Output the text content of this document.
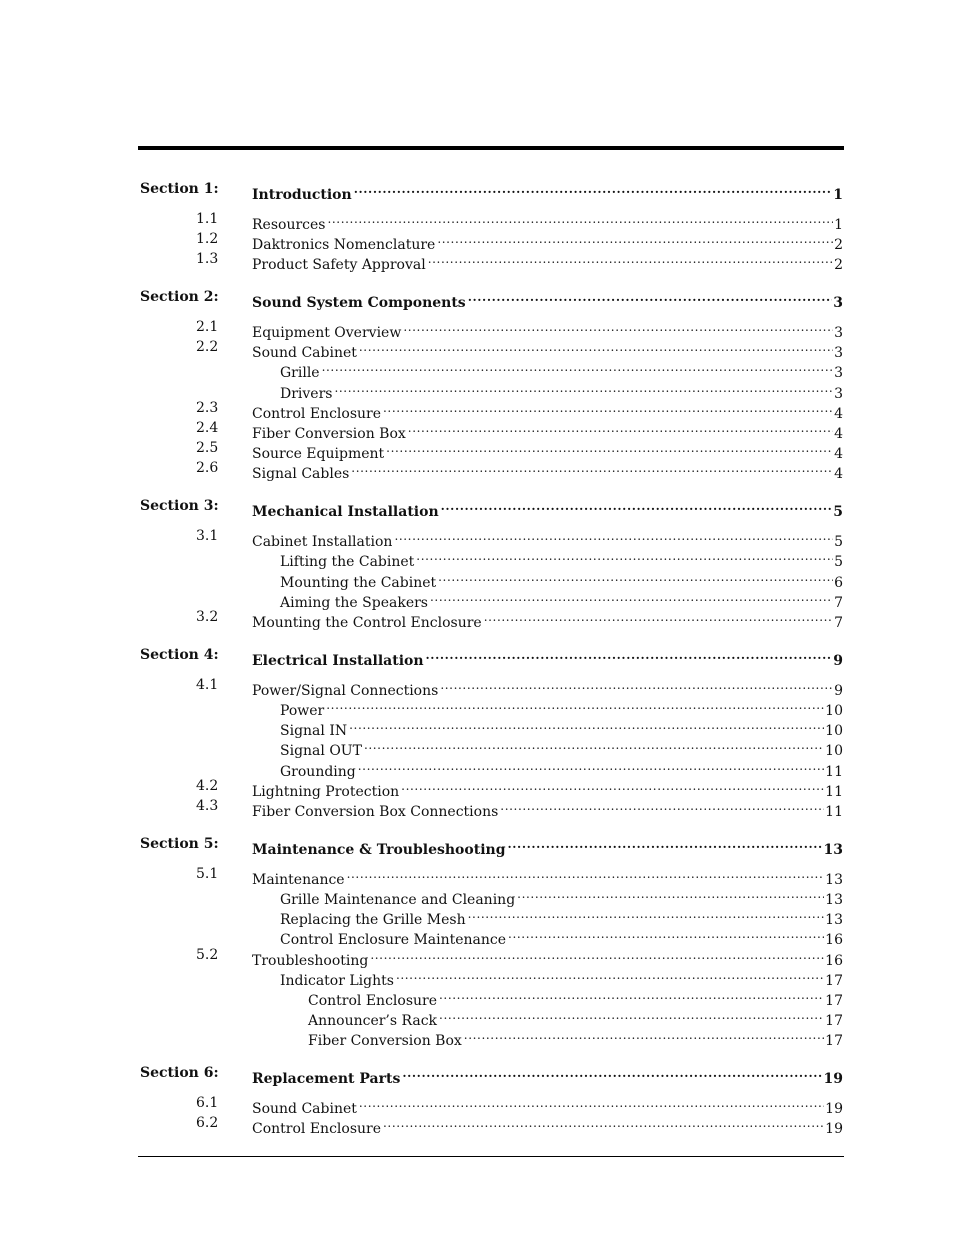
Section 1: Introduction .....	1
1.1 Resources .....	1
1.2 Daktronics Nomenclature .....	2
1.3 Product Safety Approval .....	2
Section 2: Sound System Components .....	3
2.1 Equipment Overview .....	3
2.2 Sound Cabinet .....	3
Grille .....	3
Drivers .....	3
2.3 Control Enclosure .....	4
2.4 Fiber Conversion Box .....	4
2.5 Source Equipment .....	4
2.6 Signal Cables .....	4
Section 3: Mechanical Installation .....	5
3.1 Cabinet Installation .....	5
Lifting the Cabinet .....	5
Mounting the Cabinet .....	6
Aiming the Speakers .....	7
3.2 Mounting the Control Enclosure .....	7
Section 4: Electrical Installation .....	9
4.1 Power/Signal Connections .....	9
Power .....	10
Signal IN .....	10
Signal OUT .....	10
Grounding .....	11
4.2 Lightning Protection .....	11
4.3 Fiber Conversion Box Connections .....	11
Section 5: Maintenance & Troubleshooting .....	13
5.1 Maintenance .....	13
Grille Maintenance and Cleaning .....	13
Replacing the Grille Mesh .....	13
Control Enclosure Maintenance .....	16
5.2 Troubleshooting .....	16
Indicator Lights .....	17
Control Enclosure .....	17
Announcer’s Rack .....	17
Fiber Conversion Box .....	17
Section 6: Replacement Parts .....	19
6.1 Sound Cabinet .....	19
6.2 Control Enclosure .....	19
